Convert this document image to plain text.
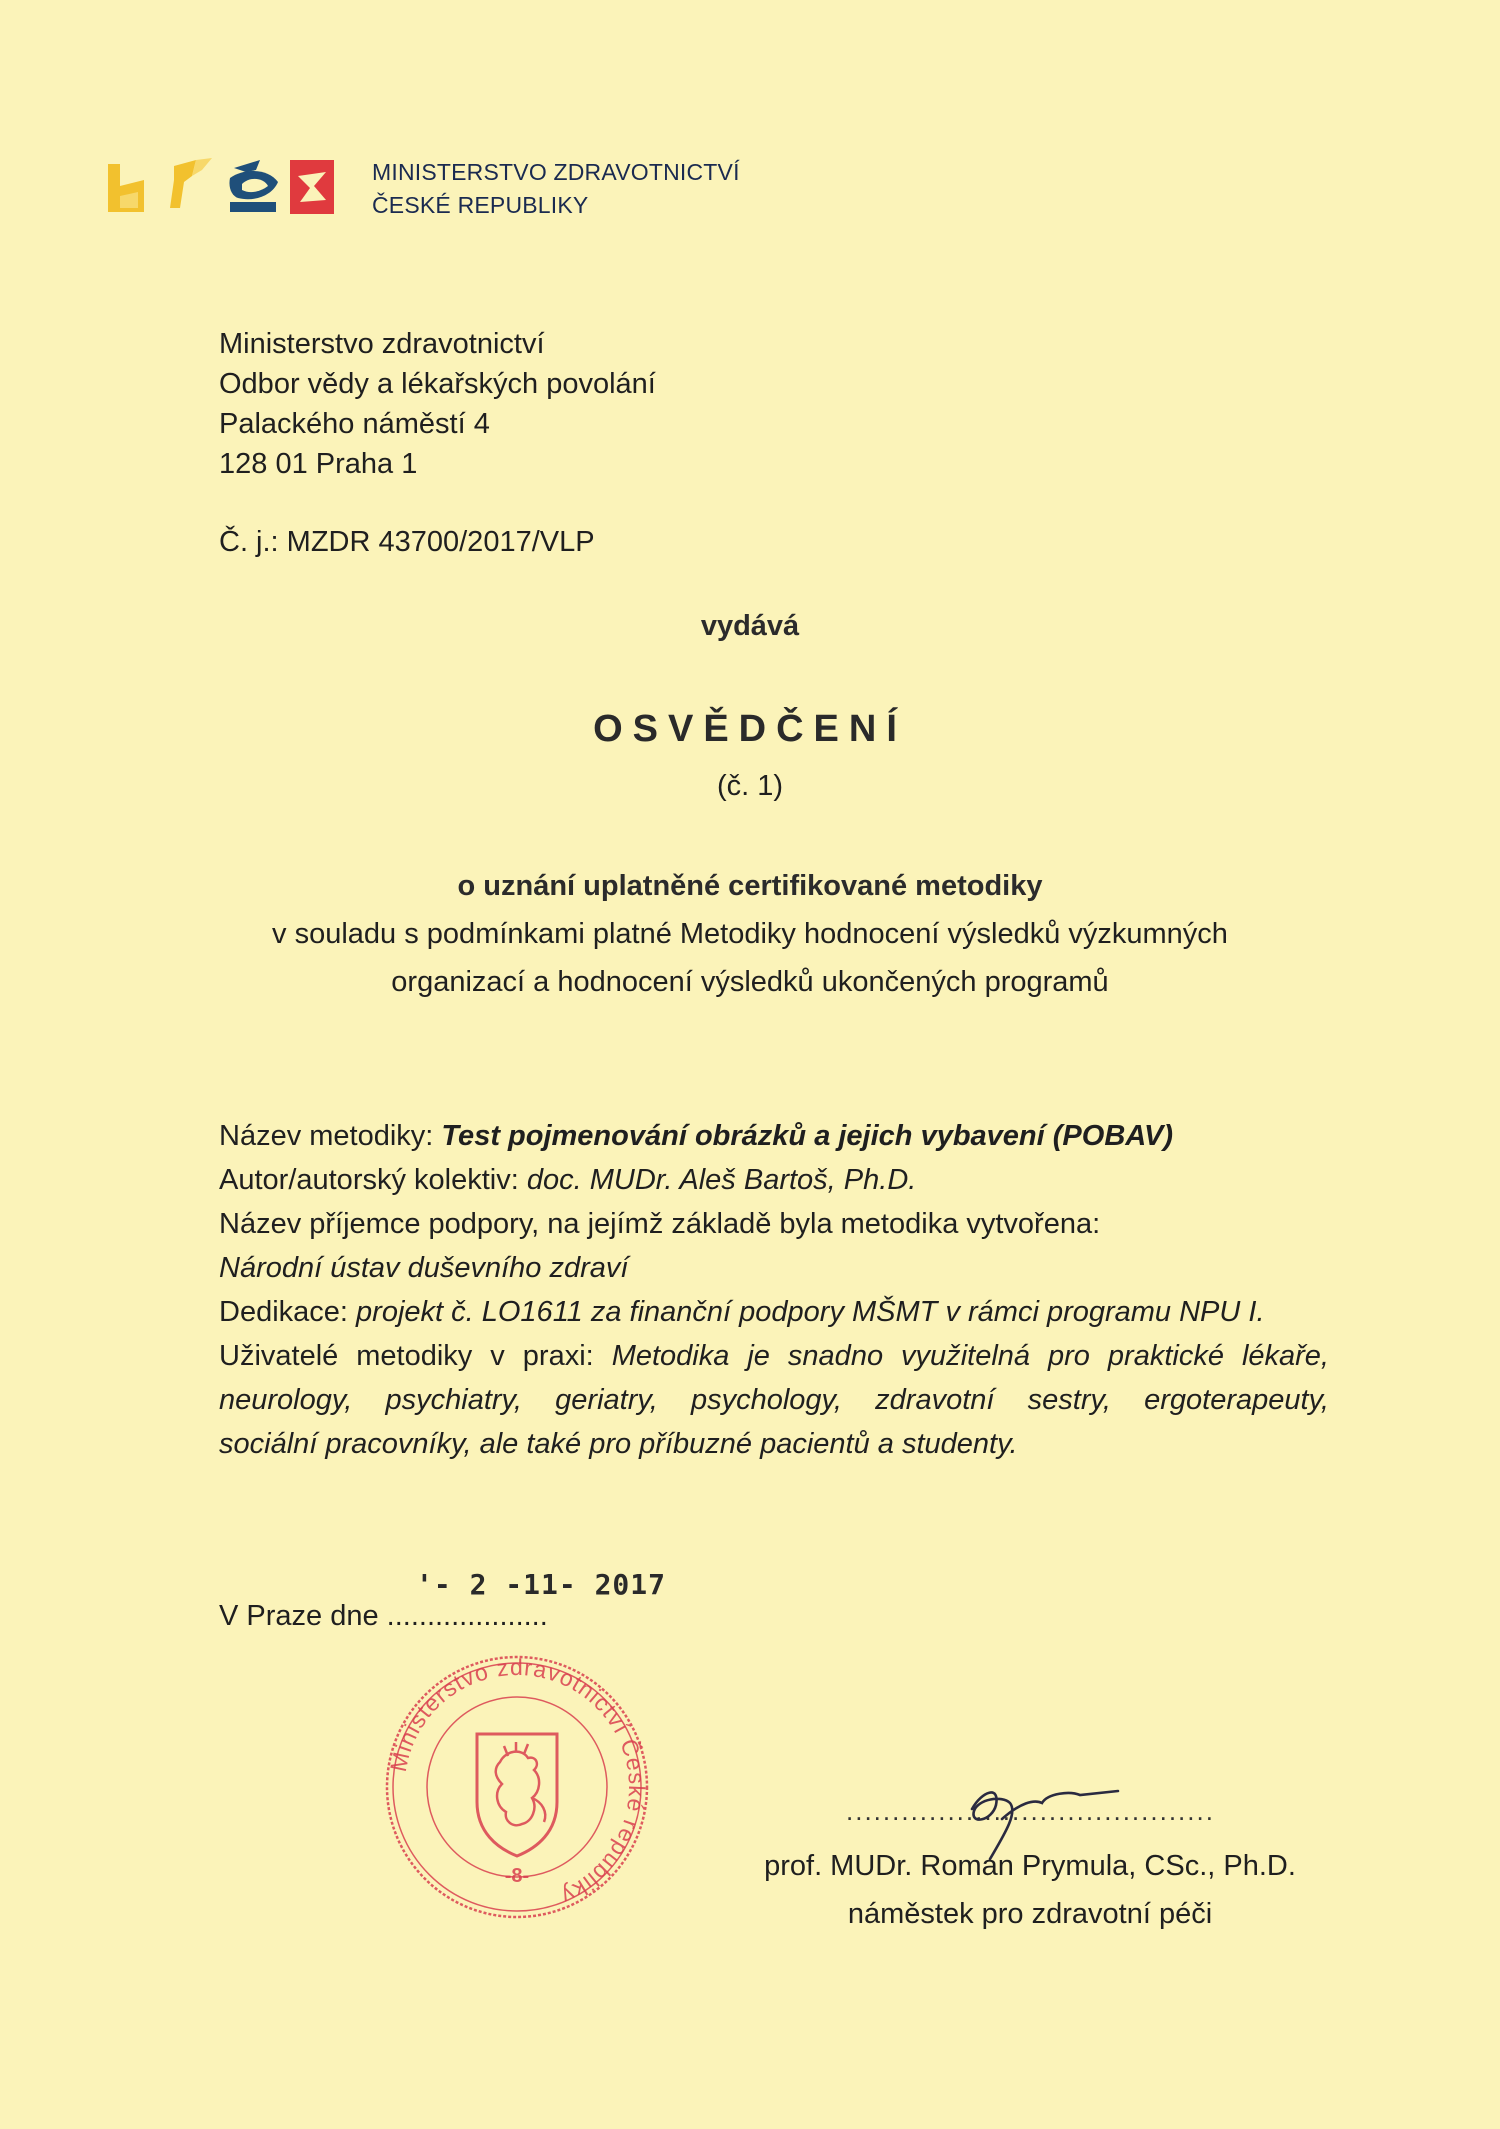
MINISTERSTVO ZDRAVOTNICTVÍ
ČESKÉ REPUBLIKY
Ministerstvo zdravotnictví
Odbor vědy a lékařských povolání
Palackého náměstí 4
128 01 Praha 1
Č. j.: MZDR 43700/2017/VLP
vydává
OSVĚDČENÍ
(č. 1)
o uznání uplatněné certifikované metodiky
v souladu s podmínkami platné Metodiky hodnocení výsledků výzkumných
organizací a hodnocení výsledků ukončených programů
Název metodiky: Test pojmenování obrázků a jejich vybavení (POBAV)
Autor/autorský kolektiv: doc. MUDr. Aleš Bartoš, Ph.D.
Název příjemce podpory, na jejímž základě byla metodika vytvořena:
Národní ústav duševního zdraví
Dedikace: projekt č. LO1611 za finanční podpory MŠMT v rámci programu NPU I.
Uživatelé metodiky v praxi: Metodika je snadno využitelná pro praktické lékaře,
neurology, psychiatry, geriatry, psychology, zdravotní sestry, ergoterapeuty,
sociální pracovníky, ale také pro příbuzné pacientů a studenty.
'- 2 -11- 2017
V Praze dne ....................
Ministerstvo zdravotnictví České republiky
-8-
........................................
prof. MUDr. Roman Prymula, CSc., Ph.D.
náměstek pro zdravotní péči
